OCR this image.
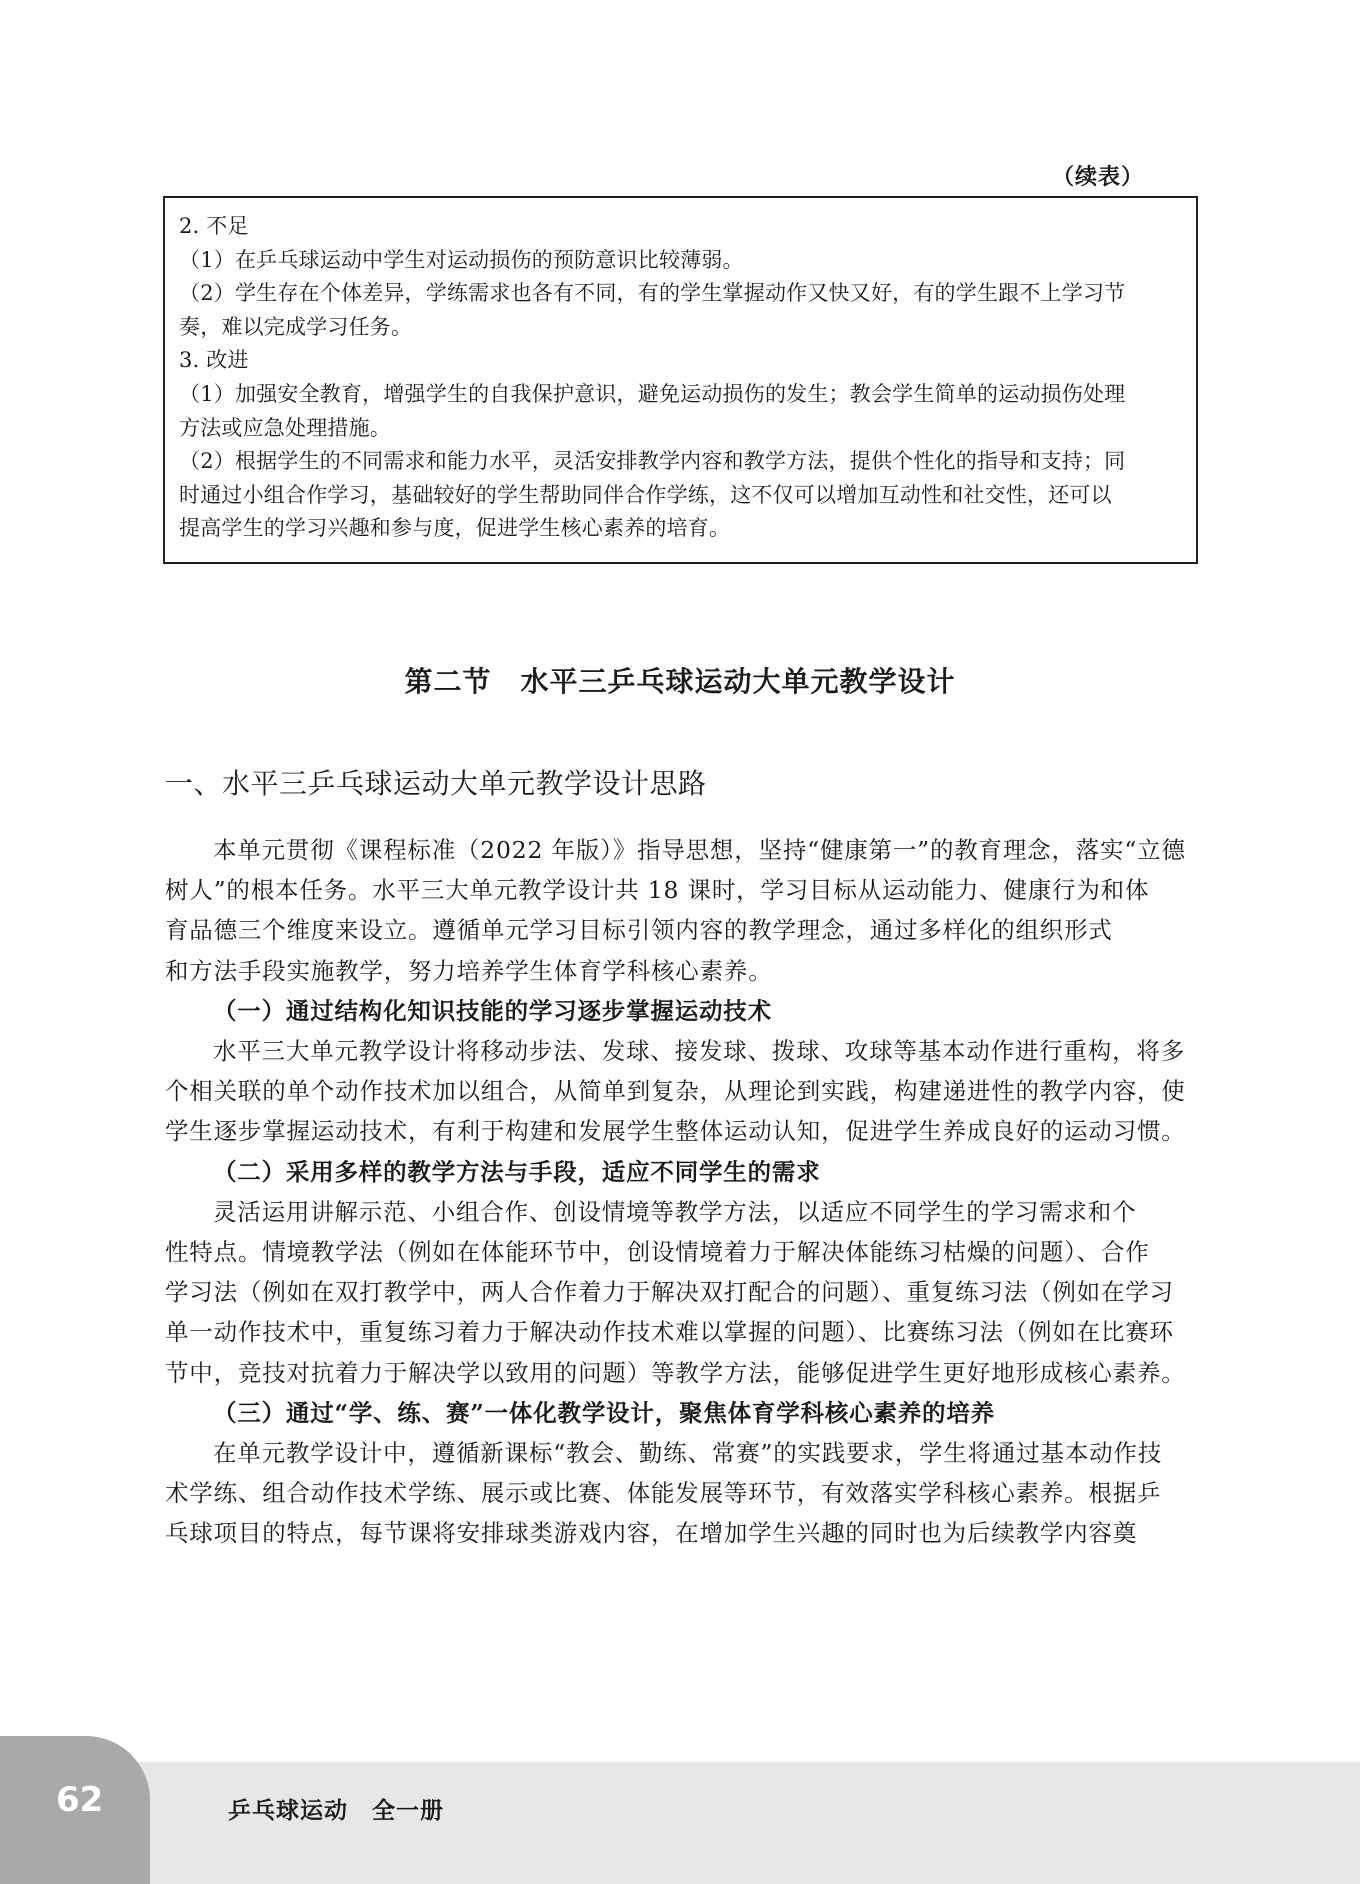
（续表）
2. 不足
（1）在乒乓球运动中学生对运动损伤的预防意识比较薄弱。
（2）学生存在个体差异，学练需求也各有不同，有的学生掌握动作又快又好，有的学生跟不上学习节
奏，难以完成学习任务。
3. 改进
（1）加强安全教育，增强学生的自我保护意识，避免运动损伤的发生；教会学生简单的运动损伤处理
方法或应急处理措施。
（2）根据学生的不同需求和能力水平，灵活安排教学内容和教学方法，提供个性化的指导和支持；同
时通过小组合作学习，基础较好的学生帮助同伴合作学练，这不仅可以增加互动性和社交性，还可以
提高学生的学习兴趣和参与度，促进学生核心素养的培育。
第二节　水平三乒乓球运动大单元教学设计
一、水平三乒乓球运动大单元教学设计思路
本单元贯彻《课程标准（2022 年版）》指导思想，坚持“健康第一”的教育理念，落实“立德
树人”的根本任务。水平三大单元教学设计共 18 课时，学习目标从运动能力、健康行为和体
育品德三个维度来设立。遵循单元学习目标引领内容的教学理念，通过多样化的组织形式
和方法手段实施教学，努力培养学生体育学科核心素养。
（一）通过结构化知识技能的学习逐步掌握运动技术
水平三大单元教学设计将移动步法、发球、接发球、拨球、攻球等基本动作进行重构，将多
个相关联的单个动作技术加以组合，从简单到复杂，从理论到实践，构建递进性的教学内容，使
学生逐步掌握运动技术，有利于构建和发展学生整体运动认知，促进学生养成良好的运动习惯。
（二）采用多样的教学方法与手段，适应不同学生的需求
灵活运用讲解示范、小组合作、创设情境等教学方法，以适应不同学生的学习需求和个
性特点。情境教学法（例如在体能环节中，创设情境着力于解决体能练习枯燥的问题）、合作
学习法（例如在双打教学中，两人合作着力于解决双打配合的问题）、重复练习法（例如在学习
单一动作技术中，重复练习着力于解决动作技术难以掌握的问题）、比赛练习法（例如在比赛环
节中，竞技对抗着力于解决学以致用的问题）等教学方法，能够促进学生更好地形成核心素养。
（三）通过“学、练、赛”一体化教学设计，聚焦体育学科核心素养的培养
在单元教学设计中，遵循新课标“教会、勤练、常赛”的实践要求，学生将通过基本动作技
术学练、组合动作技术学练、展示或比赛、体能发展等环节，有效落实学科核心素养。根据乒
乓球项目的特点，每节课将安排球类游戏内容，在增加学生兴趣的同时也为后续教学内容奠
62	乒乓球运动　全一册
